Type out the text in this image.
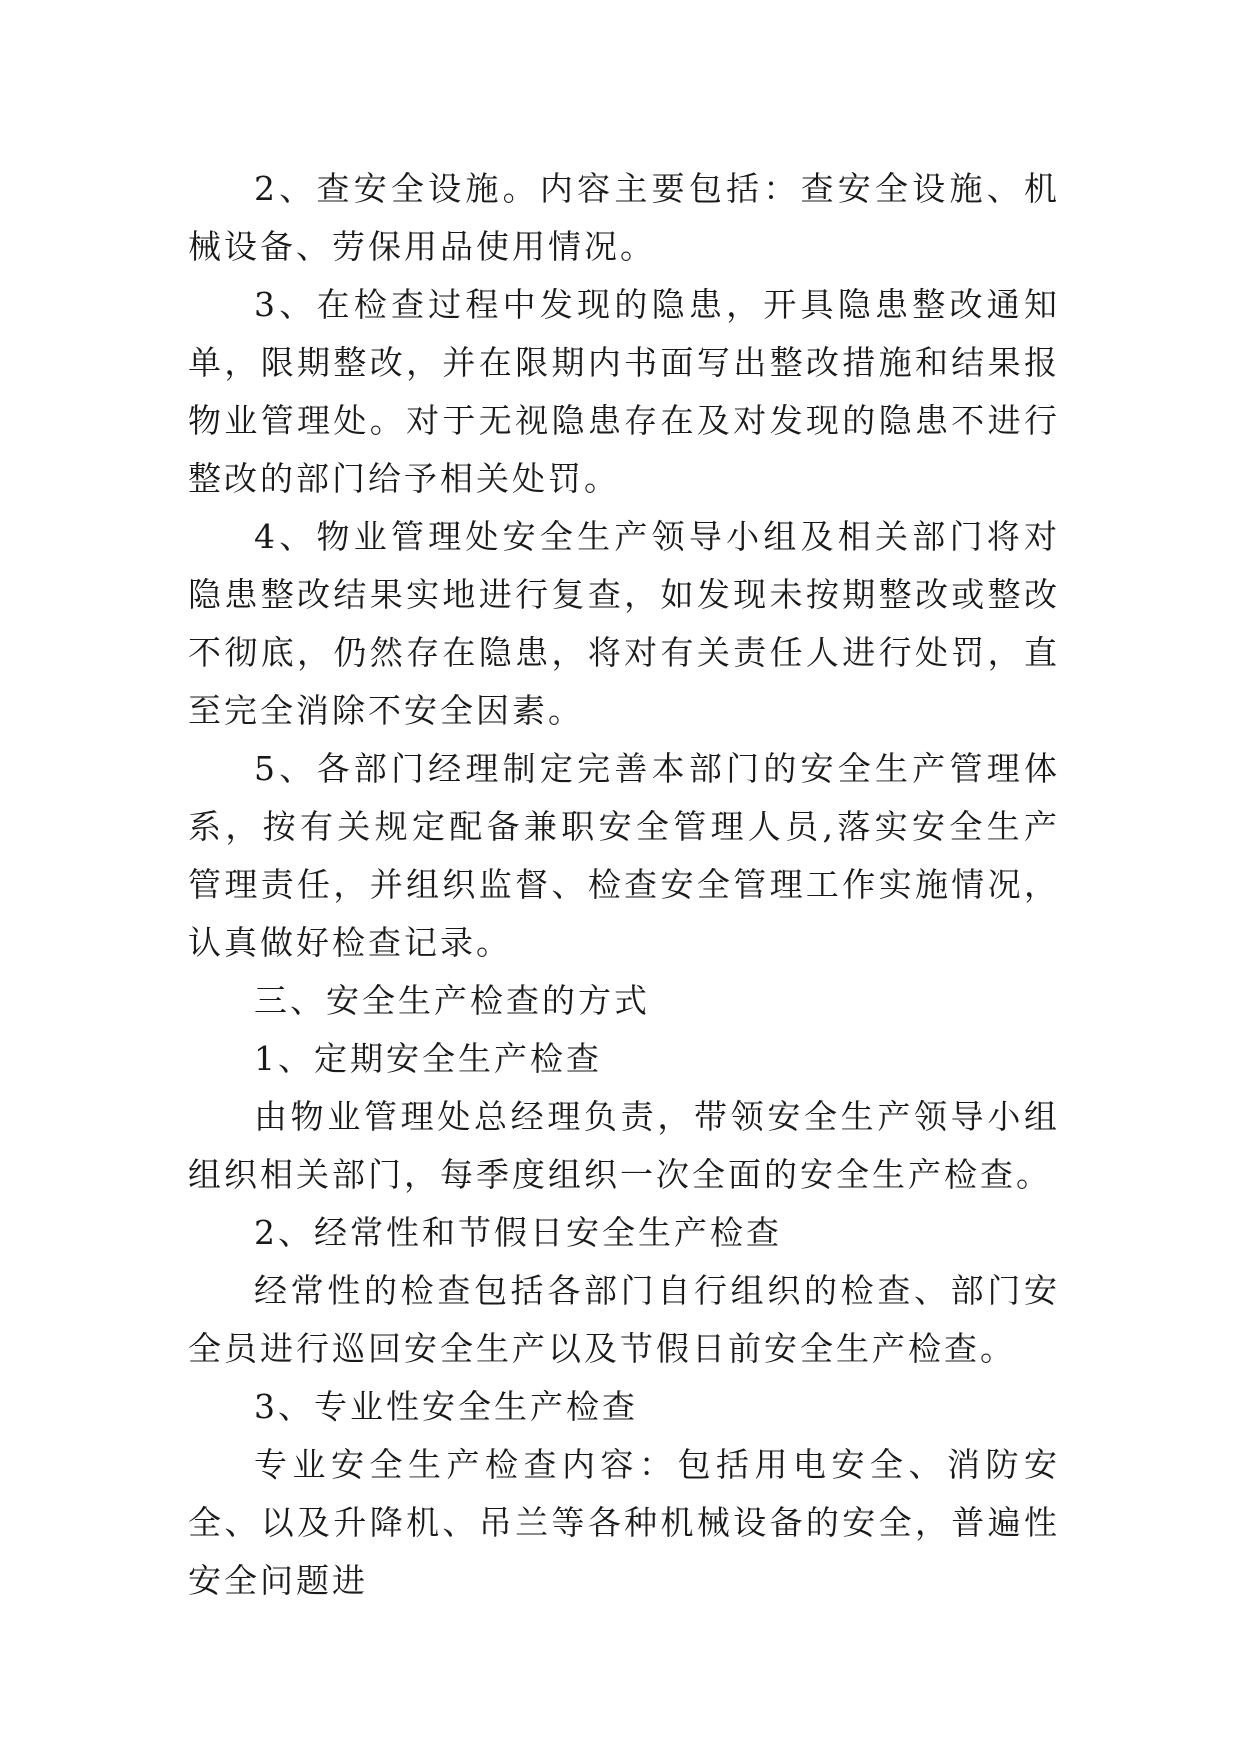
2、查安全设施。内容主要包括：查安全设施、机械设备、劳保用品使用情况。

3、在检查过程中发现的隐患，开具隐患整改通知单，限期整改，并在限期内书面写出整改措施和结果报物业管理处。对于无视隐患存在及对发现的隐患不进行整改的部门给予相关处罚。

4、物业管理处安全生产领导小组及相关部门将对隐患整改结果实地进行复查，如发现未按期整改或整改不彻底，仍然存在隐患，将对有关责任人进行处罚，直至完全消除不安全因素。

5、各部门经理制定完善本部门的安全生产管理体系，按有关规定配备兼职安全管理人员,落实安全生产管理责任，并组织监督、检查安全管理工作实施情况，认真做好检查记录。

三、安全生产检查的方式

1、定期安全生产检查

由物业管理处总经理负责，带领安全生产领导小组组织相关部门，每季度组织一次全面的安全生产检查。

2、经常性和节假日安全生产检查

经常性的检查包括各部门自行组织的检查、部门安全员进行巡回安全生产以及节假日前安全生产检查。

3、专业性安全生产检查

专业安全生产检查内容：包括用电安全、消防安全、以及升降机、吊兰等各种机械设备的安全，普遍性安全问题进
